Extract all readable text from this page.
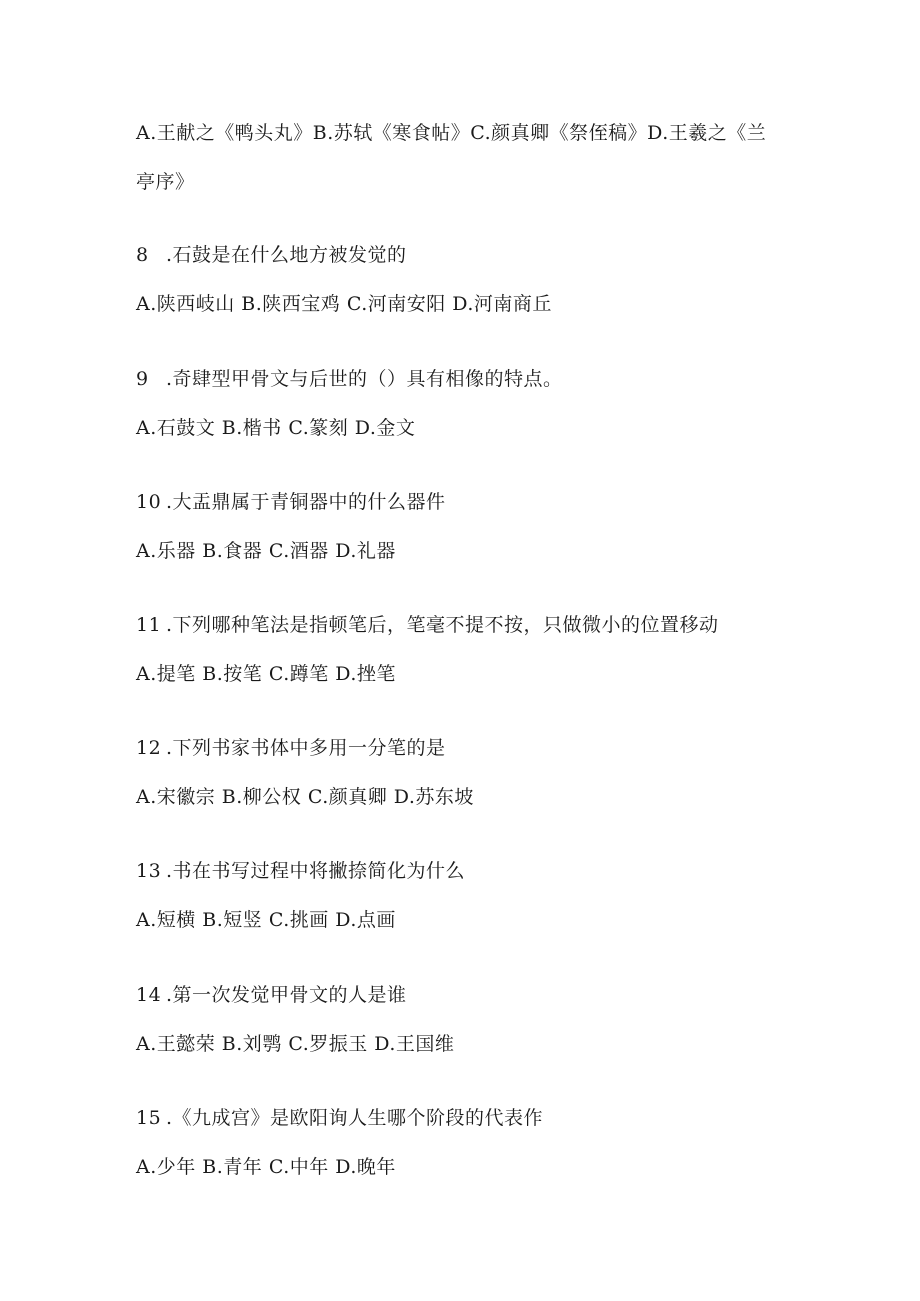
A.王献之《鸭头丸》B.苏轼《寒食帖》C.颜真卿《祭侄稿》D.王羲之《兰
亭序》
8 .石鼓是在什么地方被发觉的
A.陕西岐山 B.陕西宝鸡 C.河南安阳 D.河南商丘
9 .奇肆型甲骨文与后世的（）具有相像的特点。
A.石鼓文 B.楷书 C.篆刻 D.金文
10 .大盂鼎属于青铜器中的什么器件
A.乐器 B.食器 C.酒器 D.礼器
11 .下列哪种笔法是指顿笔后，笔毫不提不按，只做微小的位置移动
A.提笔 B.按笔 C.蹲笔 D.挫笔
12 .下列书家书体中多用一分笔的是
A.宋徽宗 B.柳公权 C.颜真卿 D.苏东坡
13 .书在书写过程中将撇捺简化为什么
A.短横 B.短竖 C.挑画 D.点画
14 .第一次发觉甲骨文的人是谁
A.王懿荣 B.刘鹗 C.罗振玉 D.王国维
15 .《九成宫》是欧阳询人生哪个阶段的代表作
A.少年 B.青年 C.中年 D.晚年
